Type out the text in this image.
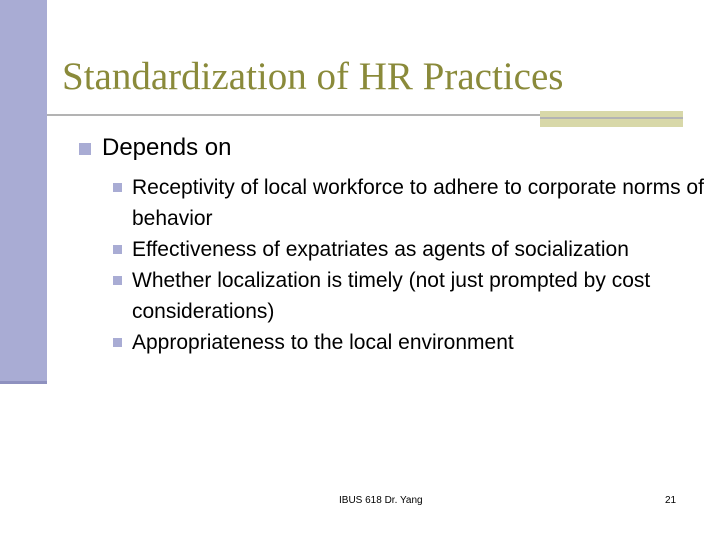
Standardization of HR Practices
Depends on
Receptivity of local workforce to adhere to corporate norms of behavior
Effectiveness of expatriates as agents of socialization
Whether localization is timely (not just prompted by cost considerations)
Appropriateness to the local environment
IBUS 618 Dr. Yang	21
